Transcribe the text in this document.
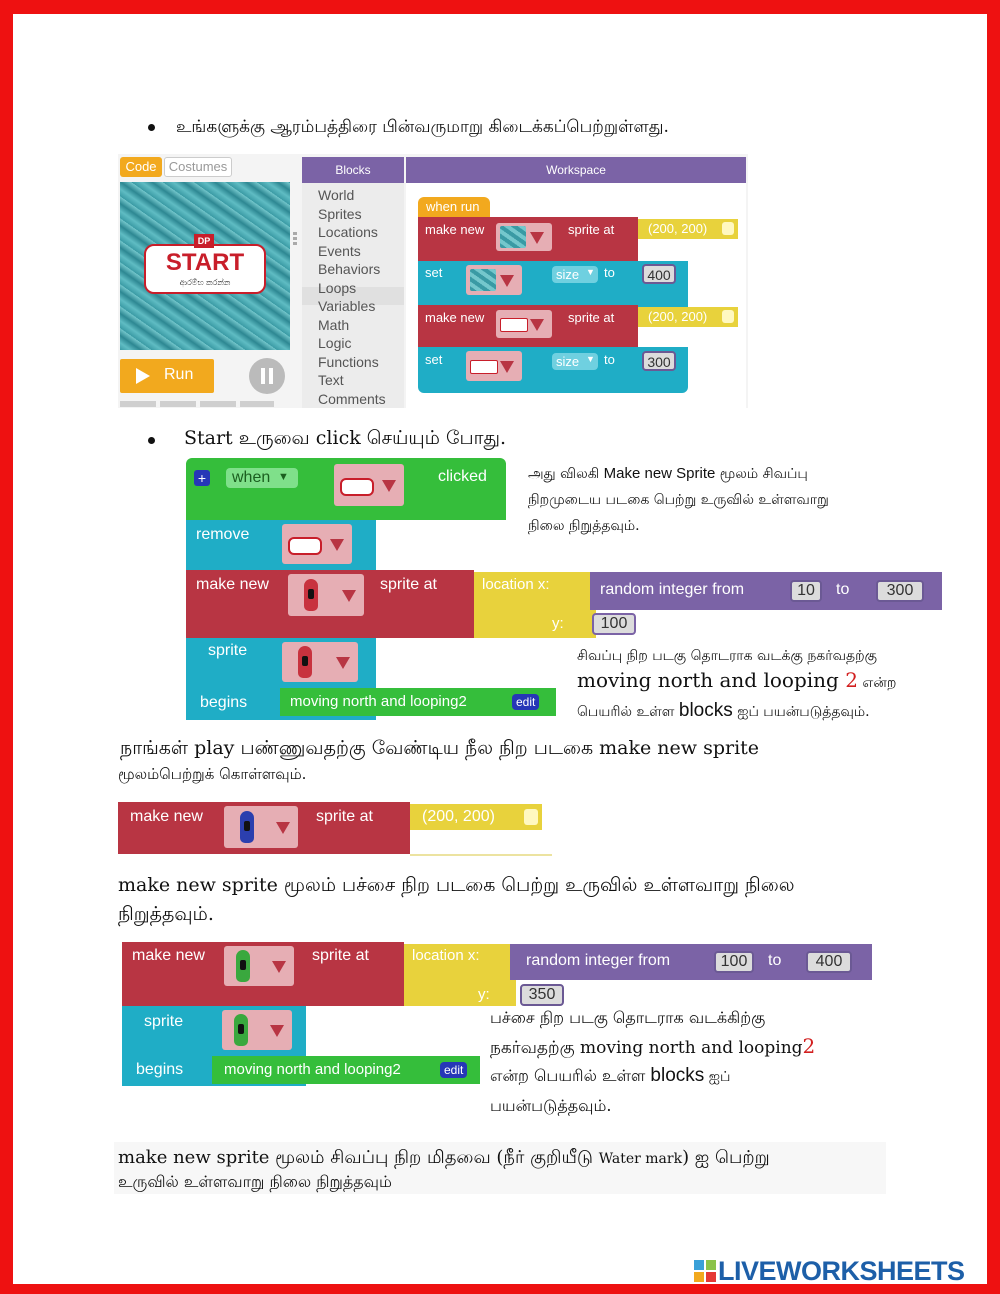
உங்களுக்கு ஆரம்பத்திரை பின்வருமாறு கிடைக்கப்பெற்றுள்ளது.
Code Costumes
DP
START
ආරම්භ කරන්න
Run
Blocks	Workspace
World
Sprites
Locations
Events
Behaviors
Loops
Variables
Math
Logic
Functions
Text
Comments
when run
make new	sprite at	(200, 200)
set	size ▼ to	400
make new	sprite at	(200, 200)
set	size ▼ to	300
Start உருவை click செய்யும் போது.
+ when ▼	clicked
remove
make new	sprite at	location x:
y:
random integer from	10	to	300
100
sprite
begins	moving north and looping2	edit
அது விலகி Make new Sprite மூலம் சிவப்பு
நிறமுடைய படகை பெற்று உருவில் உள்ளவாறு
நிலை நிறுத்தவும்.
சிவப்பு நிற படகு தொடராக வடக்கு நகர்வதற்கு
moving north and looping 2 என்ற
பெயரில் உள்ள blocks ஐப் பயன்படுத்தவும்.
நாங்கள் play பண்ணுவதற்கு வேண்டிய நீல நிற படகை make new sprite
மூலம்பெற்றுக் கொள்ளவும்.
make new	sprite at	(200, 200)
make new sprite மூலம் பச்சை நிற படகை பெற்று உருவில் உள்ளவாறு நிலை
நிறுத்தவும்.
make new	sprite at	location x:
y:
random integer from	100	to	400
350
sprite
begins	moving north and looping2	edit
பச்சை நிற படகு தொடராக வடக்கிற்கு
நகர்வதற்கு moving north and looping2
என்ற பெயரில் உள்ள blocks ஐப்
பயன்படுத்தவும்.
make new sprite மூலம் சிவப்பு நிற மிதவை (நீர் குறியீடு Water mark) ஐ பெற்று
உருவில் உள்ளவாறு நிலை நிறுத்தவும்
LIVEWORKSHEETS
